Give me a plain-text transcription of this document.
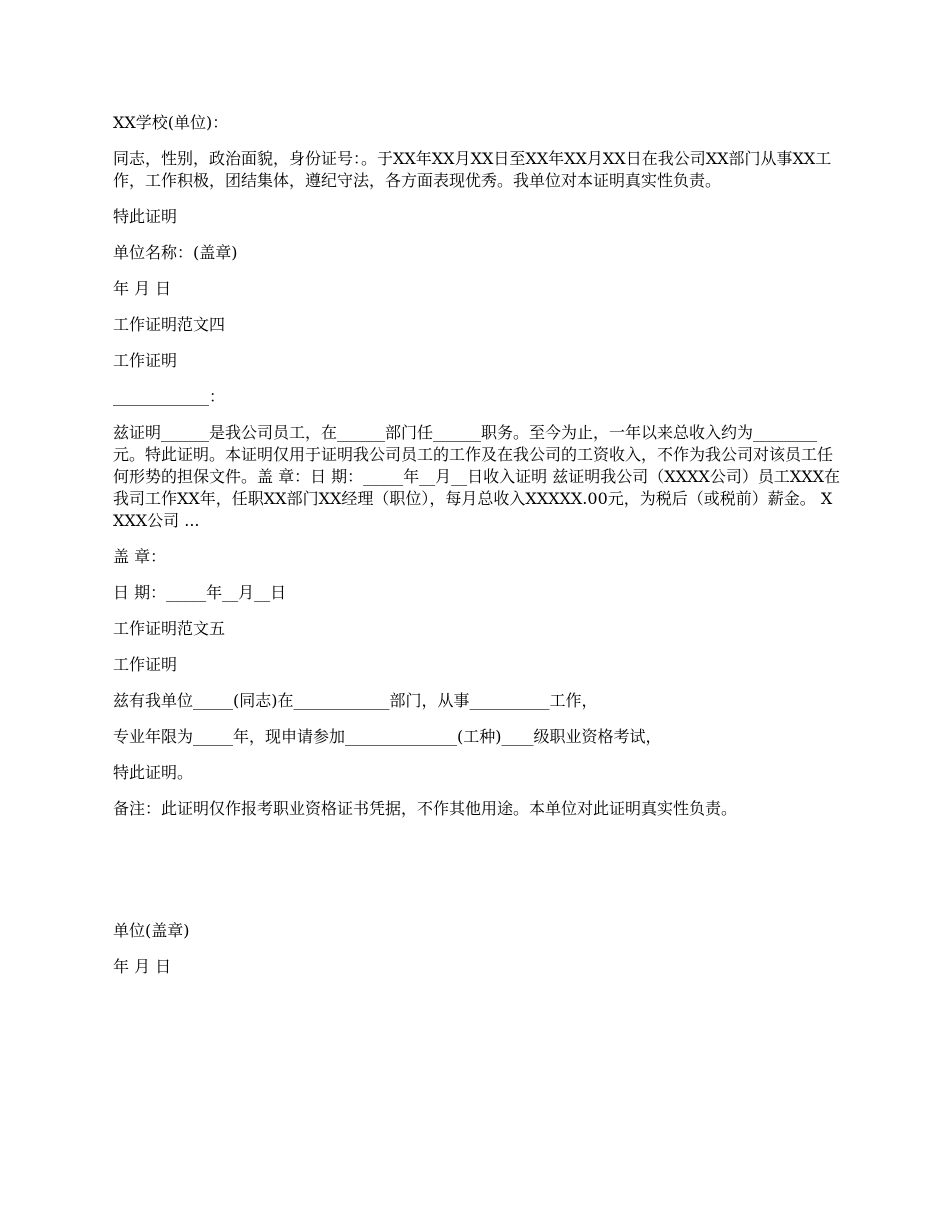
XX学校(单位)：

同志，性别，政治面貌，身份证号：。于XX年XX月XX日至XX年XX月XX日在我公司XX部门从事XX工作，工作积极，团结集体，遵纪守法，各方面表现优秀。我单位对本证明真实性负责。

特此证明

单位名称：(盖章)

年 月 日

工作证明范文四

工作证明

____________：

兹证明______是我公司员工，在______部门任______职务。至今为止，一年以来总收入约为________元。特此证明。本证明仅用于证明我公司员工的工作及在我公司的工资收入，不作为我公司对该员工任何形势的担保文件。盖 章：日 期：_____年__月__日收入证明 兹证明我公司（XXXX公司）员工XXX在我司工作XX年，任职XX部门XX经理（职位），每月总收入XXXXX.00元，为税后（或税前）薪金。 XXXX公司 ...

盖 章：

日 期：_____年__月__日

工作证明范文五

工作证明

兹有我单位_____(同志)在____________部门，从事__________工作，

专业年限为_____年，现申请参加______________(工种)____级职业资格考试，

特此证明。

备注：此证明仅作报考职业资格证书凭据，不作其他用途。本单位对此证明真实性负责。

单位(盖章)

年 月 日
